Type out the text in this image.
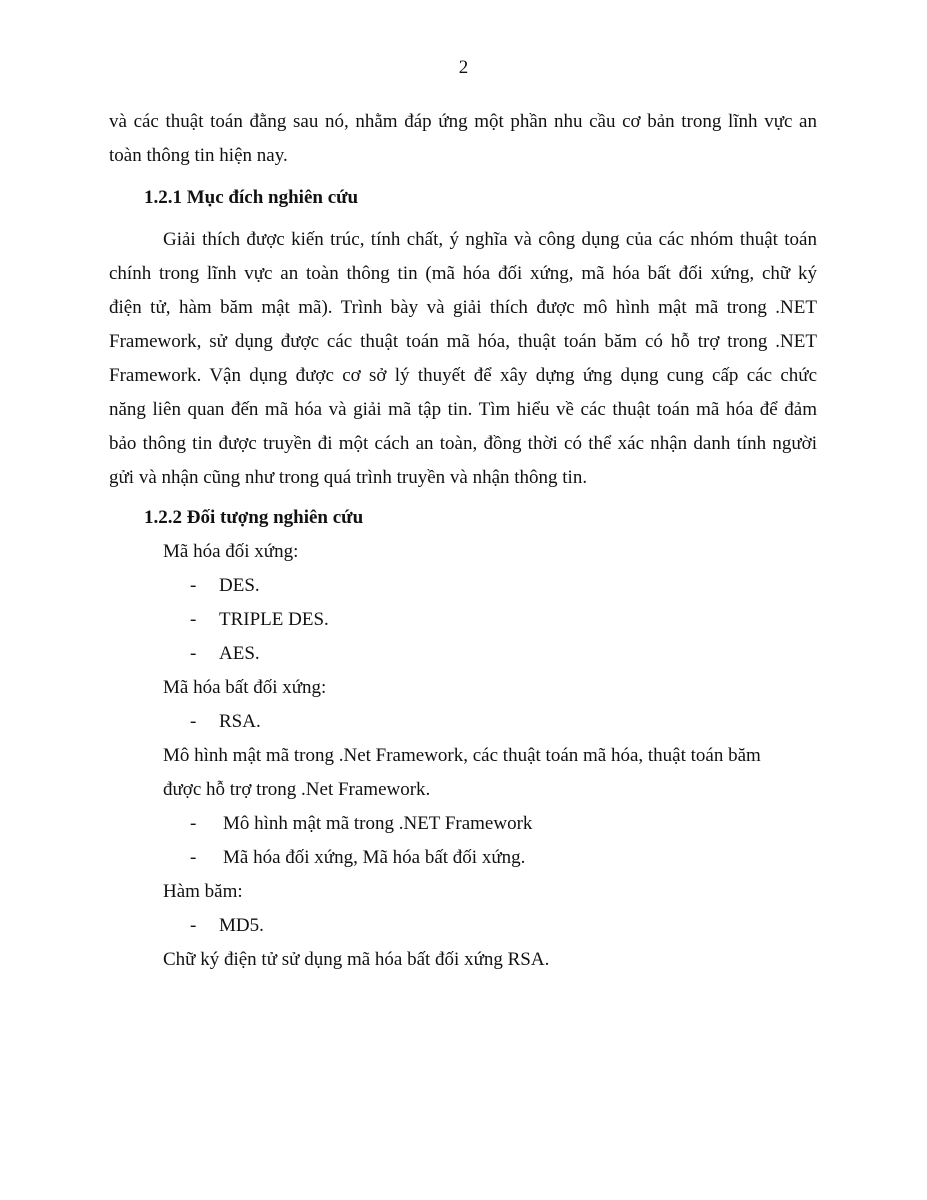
2
và các thuật toán đằng sau nó, nhằm đáp ứng một phần nhu cầu cơ bản trong lĩnh vực an
toàn thông tin hiện nay.
1.2.1 Mục đích nghiên cứu
Giải thích được kiến trúc, tính chất, ý nghĩa và công dụng của các nhóm thuật toán
chính trong lĩnh vực an toàn thông tin (mã hóa đối xứng, mã hóa bất đối xứng, chữ ký
điện tử, hàm băm mật mã). Trình bày và giải thích được mô hình mật mã trong .NET
Framework, sử dụng được các thuật toán mã hóa, thuật toán băm có hỗ trợ trong .NET
Framework. Vận dụng được cơ sở lý thuyết để xây dựng ứng dụng cung cấp các chức
năng liên quan đến mã hóa và giải mã tập tin. Tìm hiểu về các thuật toán mã hóa để đảm
bảo thông tin được truyền đi một cách an toàn, đồng thời có thể xác nhận danh tính người
gửi và nhận cũng như trong quá trình truyền và nhận thông tin.
1.2.2 Đối tượng nghiên cứu
Mã hóa đối xứng:
- DES.
- TRIPLE DES.
- AES.
Mã hóa bất đối xứng:
- RSA.
Mô hình mật mã trong .Net Framework, các thuật toán mã hóa, thuật toán băm
được hỗ trợ trong .Net Framework.
- Mô hình mật mã trong .NET Framework
- Mã hóa đối xứng, Mã hóa bất đối xứng.
Hàm băm:
- MD5.
Chữ ký điện tử sử dụng mã hóa bất đối xứng RSA.
